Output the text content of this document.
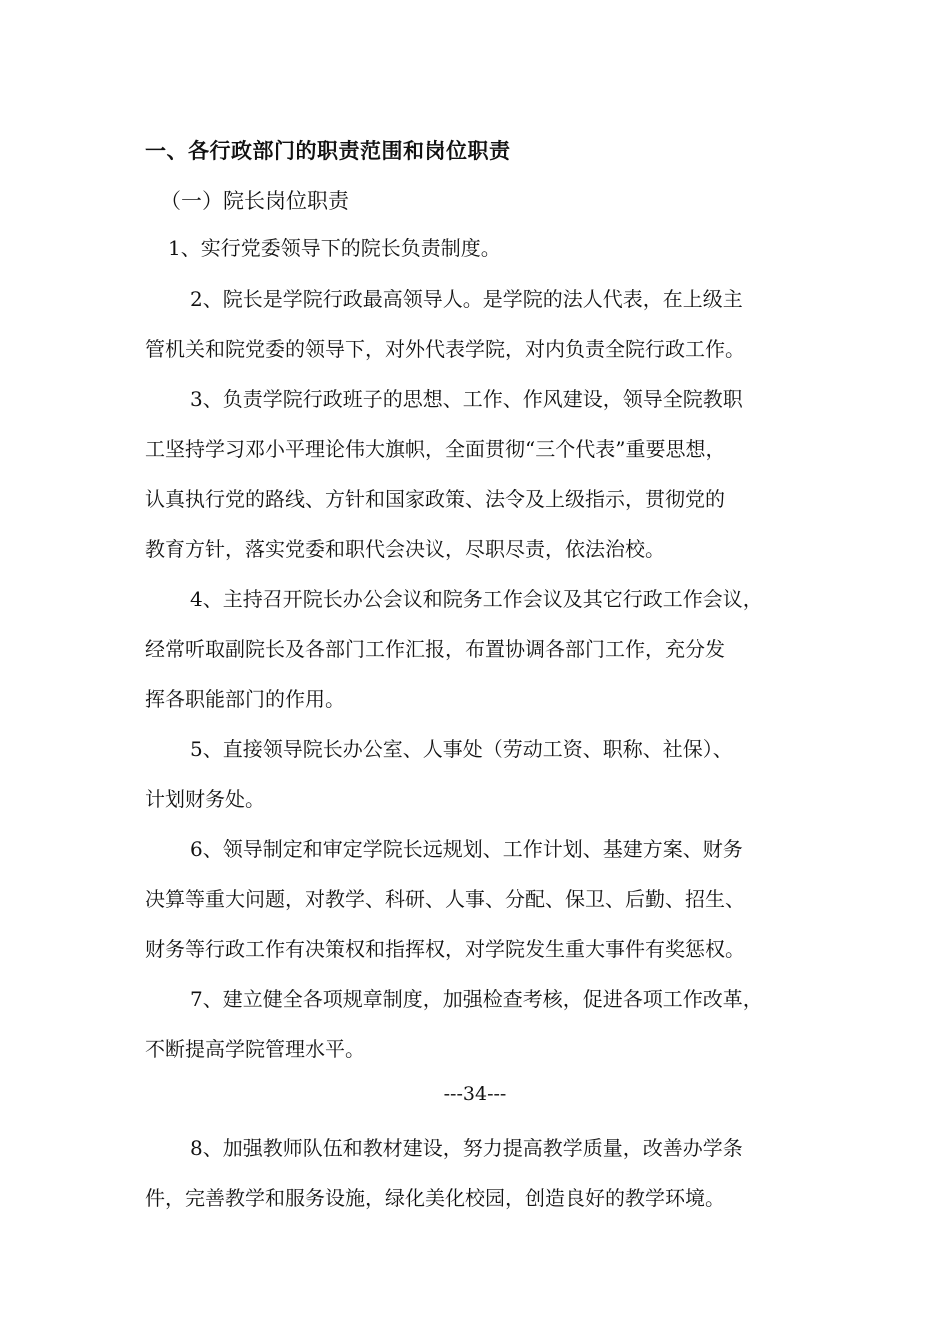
一、各行政部门的职责范围和岗位职责
（一）院长岗位职责
1、实行党委领导下的院长负责制度。
2、院长是学院行政最高领导人。是学院的法人代表，在上级主
管机关和院党委的领导下，对外代表学院，对内负责全院行政工作。
3、负责学院行政班子的思想、工作、作风建设，领导全院教职
工坚持学习邓小平理论伟大旗帜，全面贯彻“三个代表”重要思想，
认真执行党的路线、方针和国家政策、法令及上级指示，贯彻党的
教育方针，落实党委和职代会决议，尽职尽责，依法治校。
4、主持召开院长办公会议和院务工作会议及其它行政工作会议，
经常听取副院长及各部门工作汇报，布置协调各部门工作，充分发
挥各职能部门的作用。
5、直接领导院长办公室、人事处（劳动工资、职称、社保）、
计划财务处。
6、领导制定和审定学院长远规划、工作计划、基建方案、财务
决算等重大问题，对教学、科研、人事、分配、保卫、后勤、招生、
财务等行政工作有决策权和指挥权，对学院发生重大事件有奖惩权。
7、建立健全各项规章制度，加强检查考核，促进各项工作改革，
不断提高学院管理水平。
---34---
8、加强教师队伍和教材建设，努力提高教学质量，改善办学条
件，完善教学和服务设施，绿化美化校园，创造良好的教学环境。
